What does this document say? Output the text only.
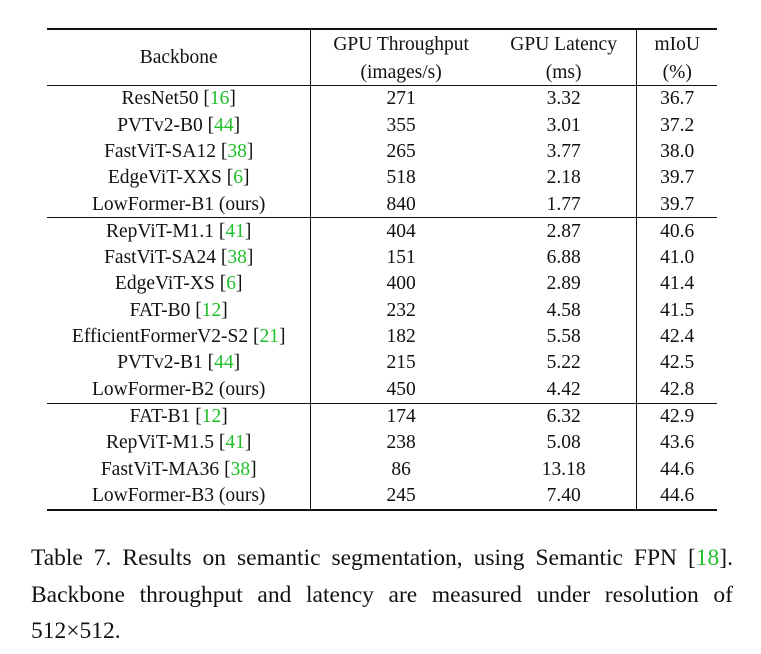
Backbone	GPU Throughput	GPU Latency	mIoU
	(images/s)	(ms)	(%)
ResNet50 [16]	271	3.32	36.7
PVTv2-B0 [44]	355	3.01	37.2
FastViT-SA12 [38]	265	3.77	38.0
EdgeViT-XXS [6]	518	2.18	39.7
LowFormer-B1 (ours)	840	1.77	39.7
RepViT-M1.1 [41]	404	2.87	40.6
FastViT-SA24 [38]	151	6.88	41.0
EdgeViT-XS [6]	400	2.89	41.4
FAT-B0 [12]	232	4.58	41.5
EfficientFormerV2-S2 [21]	182	5.58	42.4
PVTv2-B1 [44]	215	5.22	42.5
LowFormer-B2 (ours)	450	4.42	42.8
FAT-B1 [12]	174	6.32	42.9
RepViT-M1.5 [41]	238	5.08	43.6
FastViT-MA36 [38]	86	13.18	44.6
LowFormer-B3 (ours)	245	7.40	44.6
Table 7. Results on semantic segmentation, using Semantic FPN [18]. Backbone throughput and latency are measured under resolution of 512×512.
